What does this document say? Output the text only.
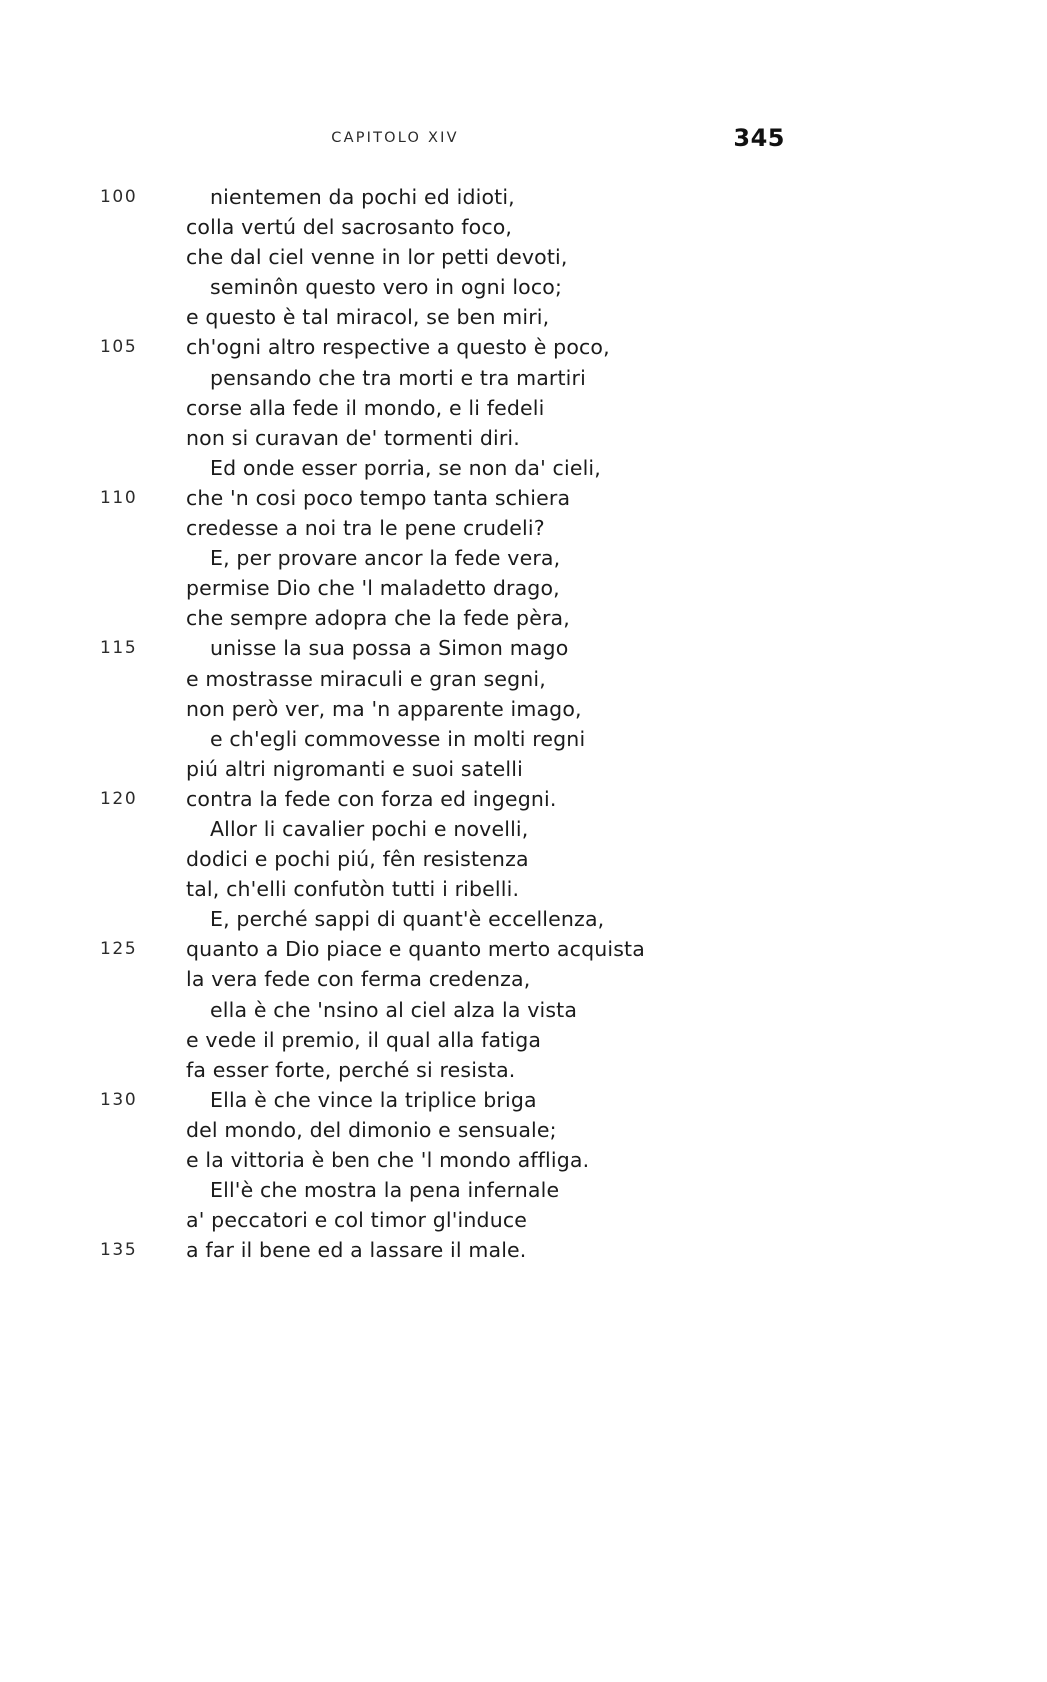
CAPITOLO XIV	345
100	nientemen da pochi ed idioti,
colla vertú del sacrosanto foco,
che dal ciel venne in lor petti devoti,
seminôn questo vero in ogni loco;
e questo è tal miracol, se ben miri,
105	ch'ogni altro respective a questo è poco,
pensando che tra morti e tra martiri
corse alla fede il mondo, e li fedeli
non si curavan de' tormenti diri.
Ed onde esser porria, se non da' cieli,
110	che 'n cosi poco tempo tanta schiera
credesse a noi tra le pene crudeli?
E, per provare ancor la fede vera,
permise Dio che 'l maladetto drago,
che sempre adopra che la fede pèra,
115	unisse la sua possa a Simon mago
e mostrasse miraculi e gran segni,
non però ver, ma 'n apparente imago,
e ch'egli commovesse in molti regni
piú altri nigromanti e suoi satelli
120	contra la fede con forza ed ingegni.
Allor li cavalier pochi e novelli,
dodici e pochi piú, fên resistenza
tal, ch'elli confutòn tutti i ribelli.
E, perché sappi di quant'è eccellenza,
125	quanto a Dio piace e quanto merto acquista
la vera fede con ferma credenza,
ella è che 'nsino al ciel alza la vista
e vede il premio, il qual alla fatiga
fa esser forte, perché si resista.
130	Ella è che vince la triplice briga
del mondo, del dimonio e sensuale;
e la vittoria è ben che 'l mondo affliga.
Ell'è che mostra la pena infernale
a' peccatori e col timor gl'induce
135	a far il bene ed a lassare il male.
